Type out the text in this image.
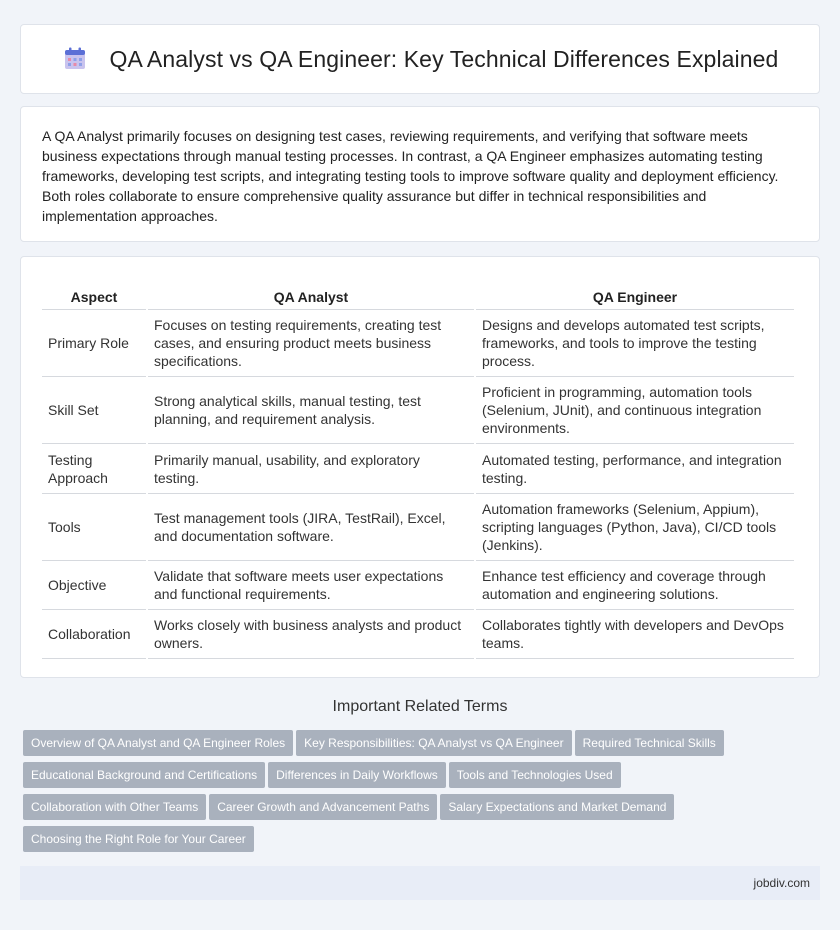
QA Analyst vs QA Engineer: Key Technical Differences Explained

A QA Analyst primarily focuses on designing test cases, reviewing requirements, and verifying that software meets business expectations through manual testing processes. In contrast, a QA Engineer emphasizes automating testing frameworks, developing test scripts, and integrating testing tools to improve software quality and deployment efficiency. Both roles collaborate to ensure comprehensive quality assurance but differ in technical responsibilities and implementation approaches.

Aspect	QA Analyst	QA Engineer
Primary Role	Focuses on testing requirements, creating test cases, and ensuring product meets business specifications.	Designs and develops automated test scripts, frameworks, and tools to improve the testing process.
Skill Set	Strong analytical skills, manual testing, test planning, and requirement analysis.	Proficient in programming, automation tools (Selenium, JUnit), and continuous integration environments.
Testing Approach	Primarily manual, usability, and exploratory testing.	Automated testing, performance, and integration testing.
Tools	Test management tools (JIRA, TestRail), Excel, and documentation software.	Automation frameworks (Selenium, Appium), scripting languages (Python, Java), CI/CD tools (Jenkins).
Objective	Validate that software meets user expectations and functional requirements.	Enhance test efficiency and coverage through automation and engineering solutions.
Collaboration	Works closely with business analysts and product owners.	Collaborates tightly with developers and DevOps teams.
Important Related Terms
Overview of QA Analyst and QA Engineer Roles	Key Responsibilities: QA Analyst vs QA Engineer	Required Technical Skills
Educational Background and Certifications	Differences in Daily Workflows	Tools and Technologies Used
Collaboration with Other Teams	Career Growth and Advancement Paths	Salary Expectations and Market Demand
Choosing the Right Role for Your Career
jobdiv.com
